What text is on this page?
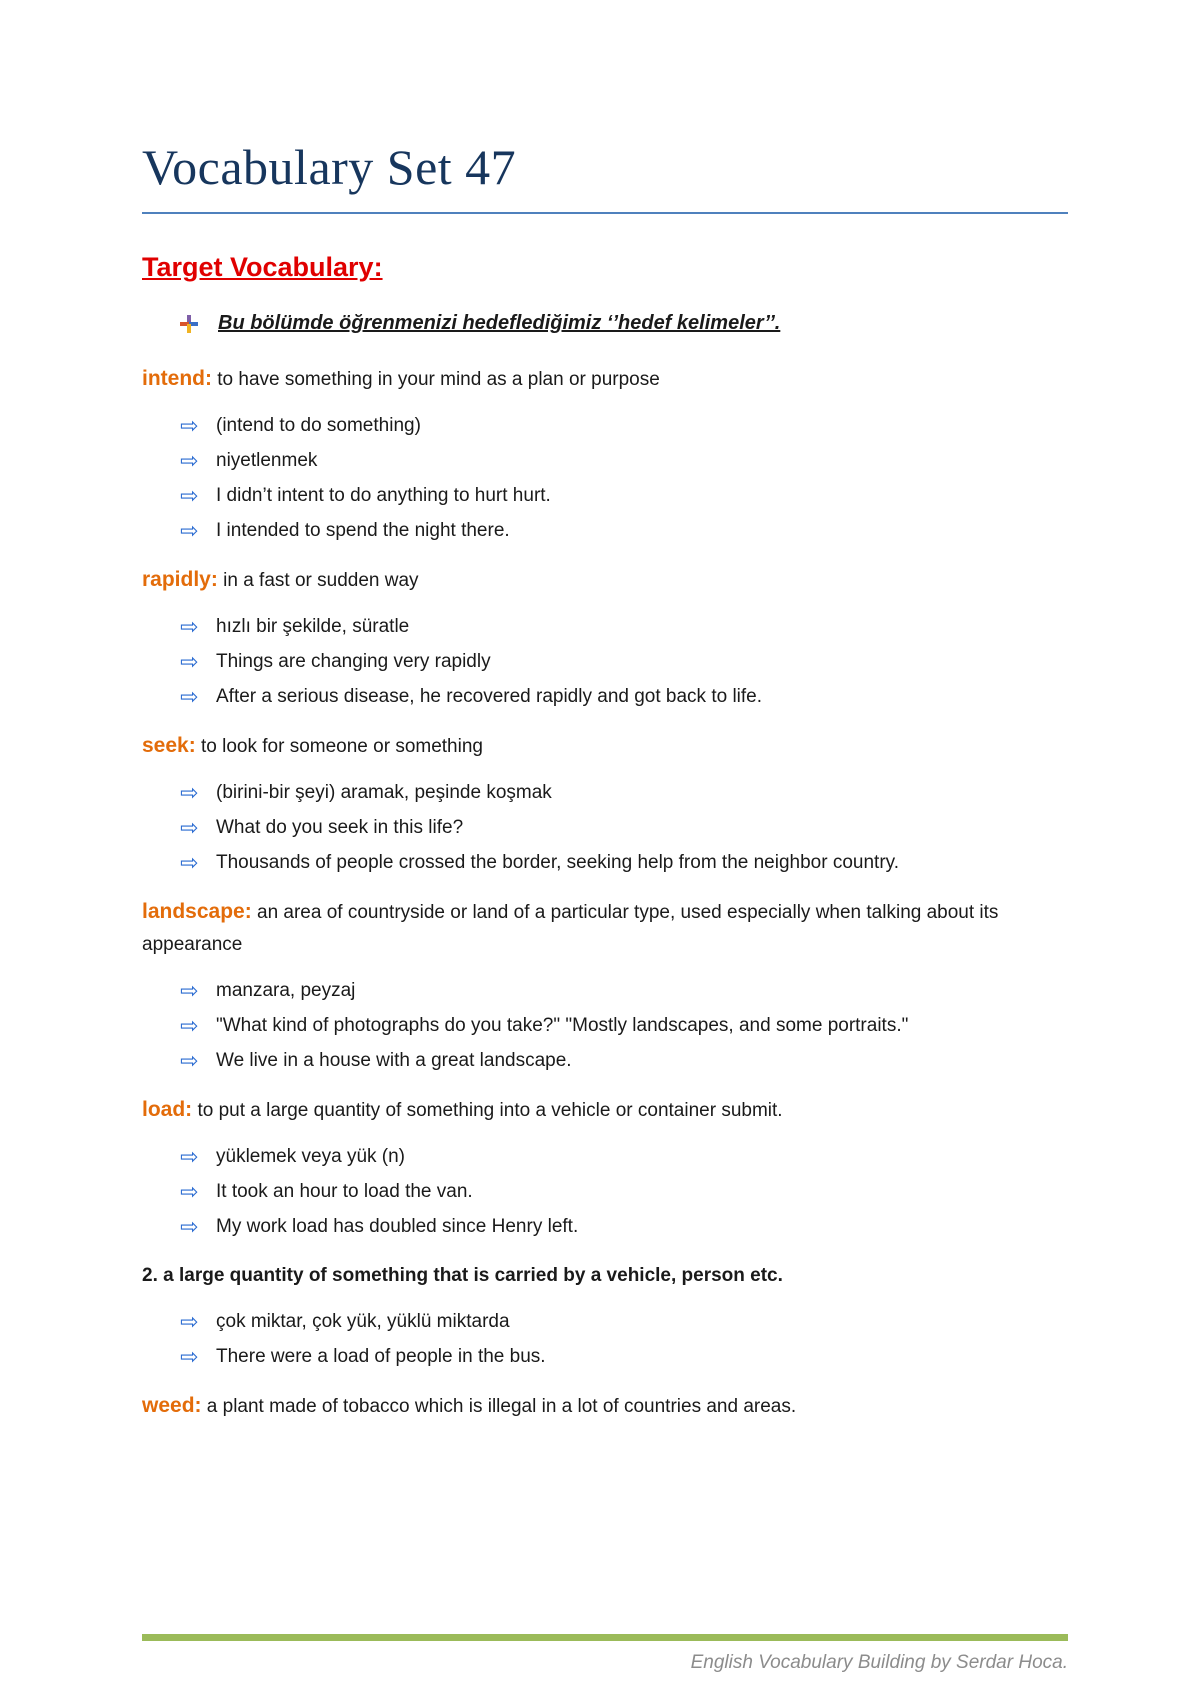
Vocabulary Set 47
Target Vocabulary:
Bu bölümde öğrenmenizi hedeflediğimiz ‘’hedef kelimeler’’.
intend: to have something in your mind as a plan or purpose
⇨ (intend to do something)
⇨ niyetlenmek
⇨ I didn’t intent to do anything to hurt hurt.
⇨ I intended to spend the night there.
rapidly: in a fast or sudden way
⇨ hızlı bir şekilde, süratle
⇨ Things are changing very rapidly
⇨ After a serious disease, he recovered rapidly and got back to life.
seek: to look for someone or something
⇨ (birini-bir şeyi) aramak, peşinde koşmak
⇨ What do you seek in this life?
⇨ Thousands of people crossed the border, seeking help from the neighbor country.
landscape: an area of countryside or land of a particular type, used especially when talking about its appearance
⇨ manzara, peyzaj
⇨ "What kind of photographs do you take?" "Mostly landscapes, and some portraits."
⇨ We live in a house with a great landscape.
load: to put a large quantity of something into a vehicle or container submit.
⇨ yüklemek veya yük (n)
⇨ It took an hour to load the van.
⇨ My work load has doubled since Henry left.
2. a large quantity of something that is carried by a vehicle, person etc.
⇨ çok miktar, çok yük, yüklü miktarda
⇨ There were a load of people in the bus.
weed: a plant made of tobacco which is illegal in a lot of countries and areas.
English Vocabulary Building by Serdar Hoca.
